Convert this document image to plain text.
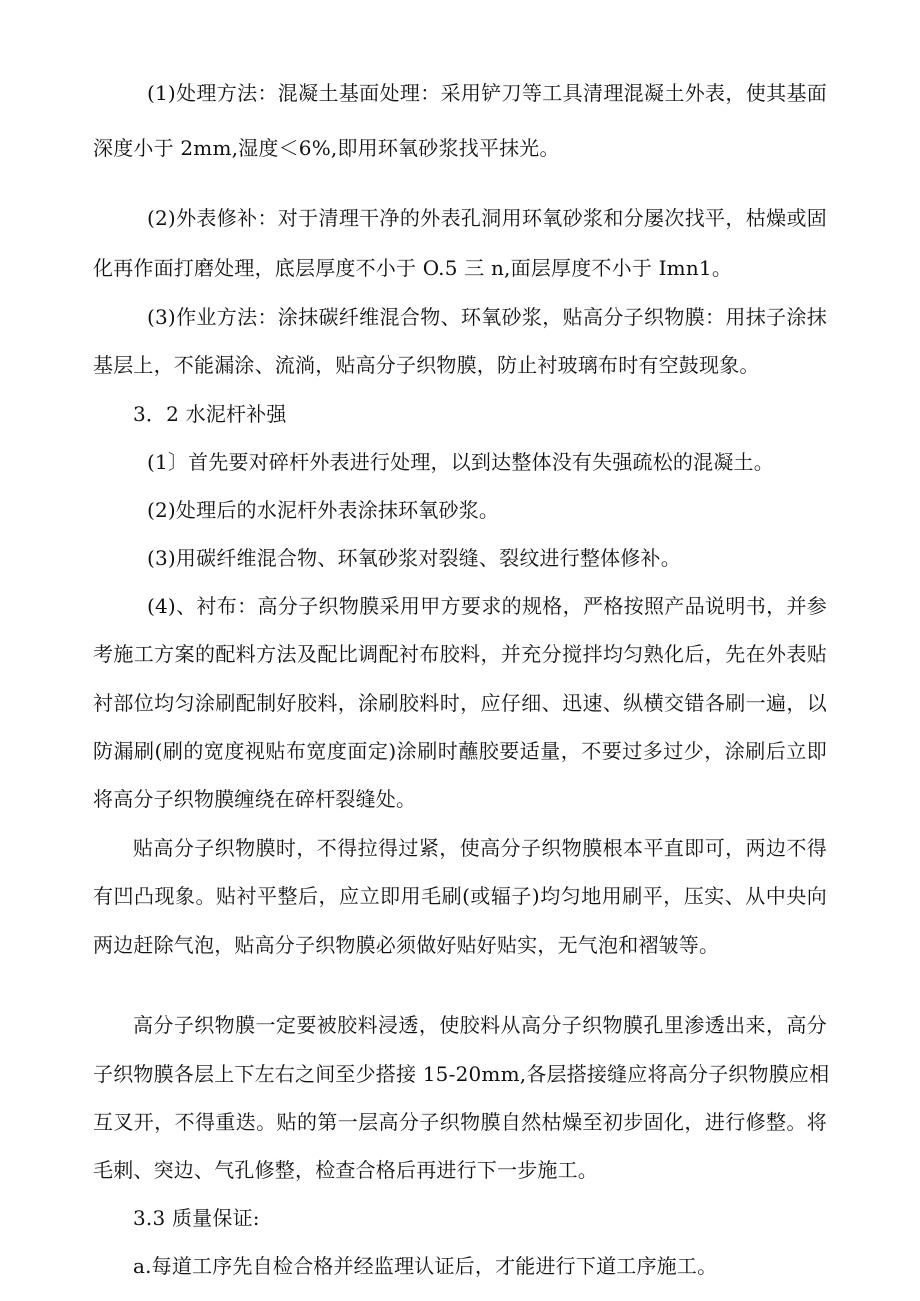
(1)处理方法：混凝土基面处理：采用铲刀等工具清理混凝土外表，使其基面
深度小于 2mm,湿度＜6%,即用环氧砂浆找平抹光。
(2)外表修补：对于清理干净的外表孔洞用环氧砂浆和分屡次找平，枯燥或固
化再作面打磨处理，底层厚度不小于 O.5 三 n,面层厚度不小于 Imn1。
(3)作业方法：涂抹碳纤维混合物、环氧砂浆，贴高分子织物膜：用抹子涂抹
基层上，不能漏涂、流淌，贴高分子织物膜，防止衬玻璃布时有空鼓现象。
3．2 水泥杆补强
(1〕首先要对碎杆外表进行处理，以到达整体没有失强疏松的混凝土。
(2)处理后的水泥杆外表涂抹环氧砂浆。
(3)用碳纤维混合物、环氧砂浆对裂缝、裂纹进行整体修补。
(4)、衬布：高分子织物膜采用甲方要求的规格，严格按照产品说明书，并参
考施工方案的配料方法及配比调配衬布胶料，并充分搅拌均匀熟化后，先在外表贴
衬部位均匀涂刷配制好胶料，涂刷胶料时，应仔细、迅速、纵横交错各刷一遍，以
防漏刷(刷的宽度视贴布宽度面定)涂刷时蘸胶要适量，不要过多过少，涂刷后立即
将高分子织物膜缠绕在碎杆裂缝处。
贴高分子织物膜时，不得拉得过紧，使高分子织物膜根本平直即可，两边不得
有凹凸现象。贴衬平整后，应立即用毛刷(或辐子)均匀地用刷平，压实、从中央向
两边赶除气泡，贴高分子织物膜必须做好贴好贴实，无气泡和褶皱等。
高分子织物膜一定要被胶料浸透，使胶料从高分子织物膜孔里渗透出来，高分
子织物膜各层上下左右之间至少搭接 15-20mm,各层搭接缝应将高分子织物膜应相
互叉开，不得重迭。贴的第一层高分子织物膜自然枯燥至初步固化，进行修整。将
毛刺、突边、气孔修整，检查合格后再进行下一步施工。
3.3 质量保证:
a.每道工序先自检合格并经监理认证后，才能进行下道工序施工。
